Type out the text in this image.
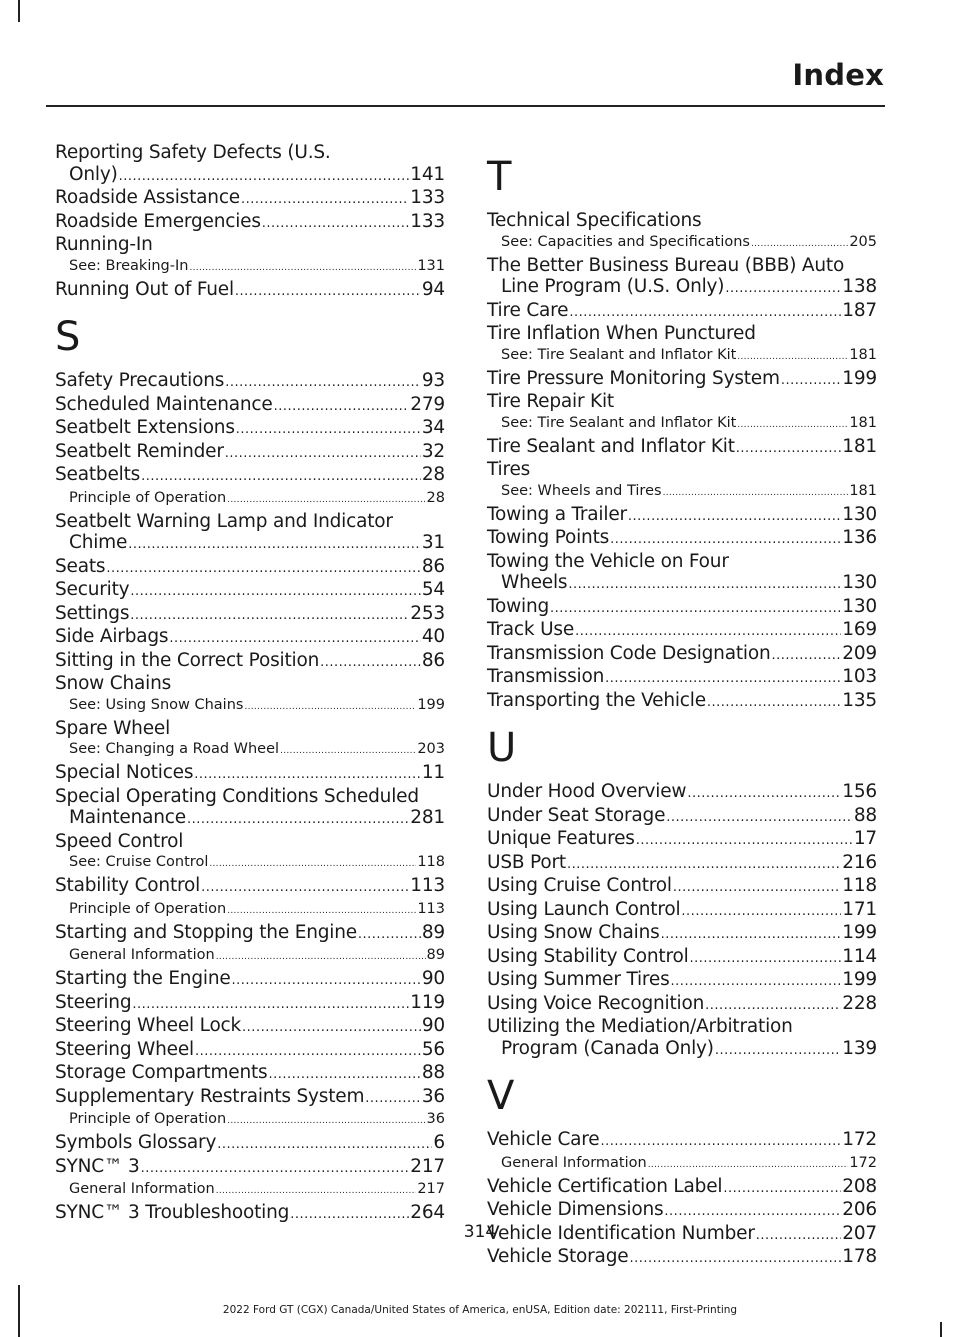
Index
Reporting Safety Defects (U.S.
Only) .....	141
Roadside Assistance .....	133
Roadside Emergencies .....	133
Running-In
See: Breaking-In .....	131
Running Out of Fuel .....	94
S
Safety Precautions .....	93
Scheduled Maintenance .....	279
Seatbelt Extensions .....	34
Seatbelt Reminder .....	32
Seatbelts .....	28
Principle of Operation .....	28
Seatbelt Warning Lamp and Indicator
Chime .....	31
Seats .....	86
Security .....	54
Settings .....	253
Side Airbags .....	40
Sitting in the Correct Position .....	86
Snow Chains
See: Using Snow Chains .....	199
Spare Wheel
See: Changing a Road Wheel .....	203
Special Notices .....	11
Special Operating Conditions Scheduled
Maintenance .....	281
Speed Control
See: Cruise Control .....	118
Stability Control .....	113
Principle of Operation .....	113
Starting and Stopping the Engine .....	89
General Information .....	89
Starting the Engine .....	90
Steering .....	119
Steering Wheel Lock .....	90
Steering Wheel .....	56
Storage Compartments .....	88
Supplementary Restraints System .....	36
Principle of Operation .....	36
Symbols Glossary .....	6
SYNC™ 3 .....	217
General Information .....	217
SYNC™ 3 Troubleshooting .....	264
T
Technical Specifications
See: Capacities and Specifications .....	205
The Better Business Bureau (BBB) Auto
Line Program (U.S. Only) .....	138
Tire Care .....	187
Tire Inflation When Punctured
See: Tire Sealant and Inflator Kit .....	181
Tire Pressure Monitoring System .....	199
Tire Repair Kit
See: Tire Sealant and Inflator Kit .....	181
Tire Sealant and Inflator Kit .....	181
Tires
See: Wheels and Tires .....	181
Towing a Trailer .....	130
Towing Points .....	136
Towing the Vehicle on Four
Wheels .....	130
Towing .....	130
Track Use .....	169
Transmission Code Designation .....	209
Transmission .....	103
Transporting the Vehicle .....	135
U
Under Hood Overview .....	156
Under Seat Storage .....	88
Unique Features .....	17
USB Port .....	216
Using Cruise Control .....	118
Using Launch Control .....	171
Using Snow Chains .....	199
Using Stability Control .....	114
Using Summer Tires .....	199
Using Voice Recognition .....	228
Utilizing the Mediation/Arbitration
Program (Canada Only) .....	139
V
Vehicle Care .....	172
General Information .....	172
Vehicle Certification Label .....	208
Vehicle Dimensions .....	206
Vehicle Identification Number .....	207
Vehicle Storage .....	178
314
2022 Ford GT (CGX) Canada/United States of America, enUSA, Edition date: 202111, First-Printing
